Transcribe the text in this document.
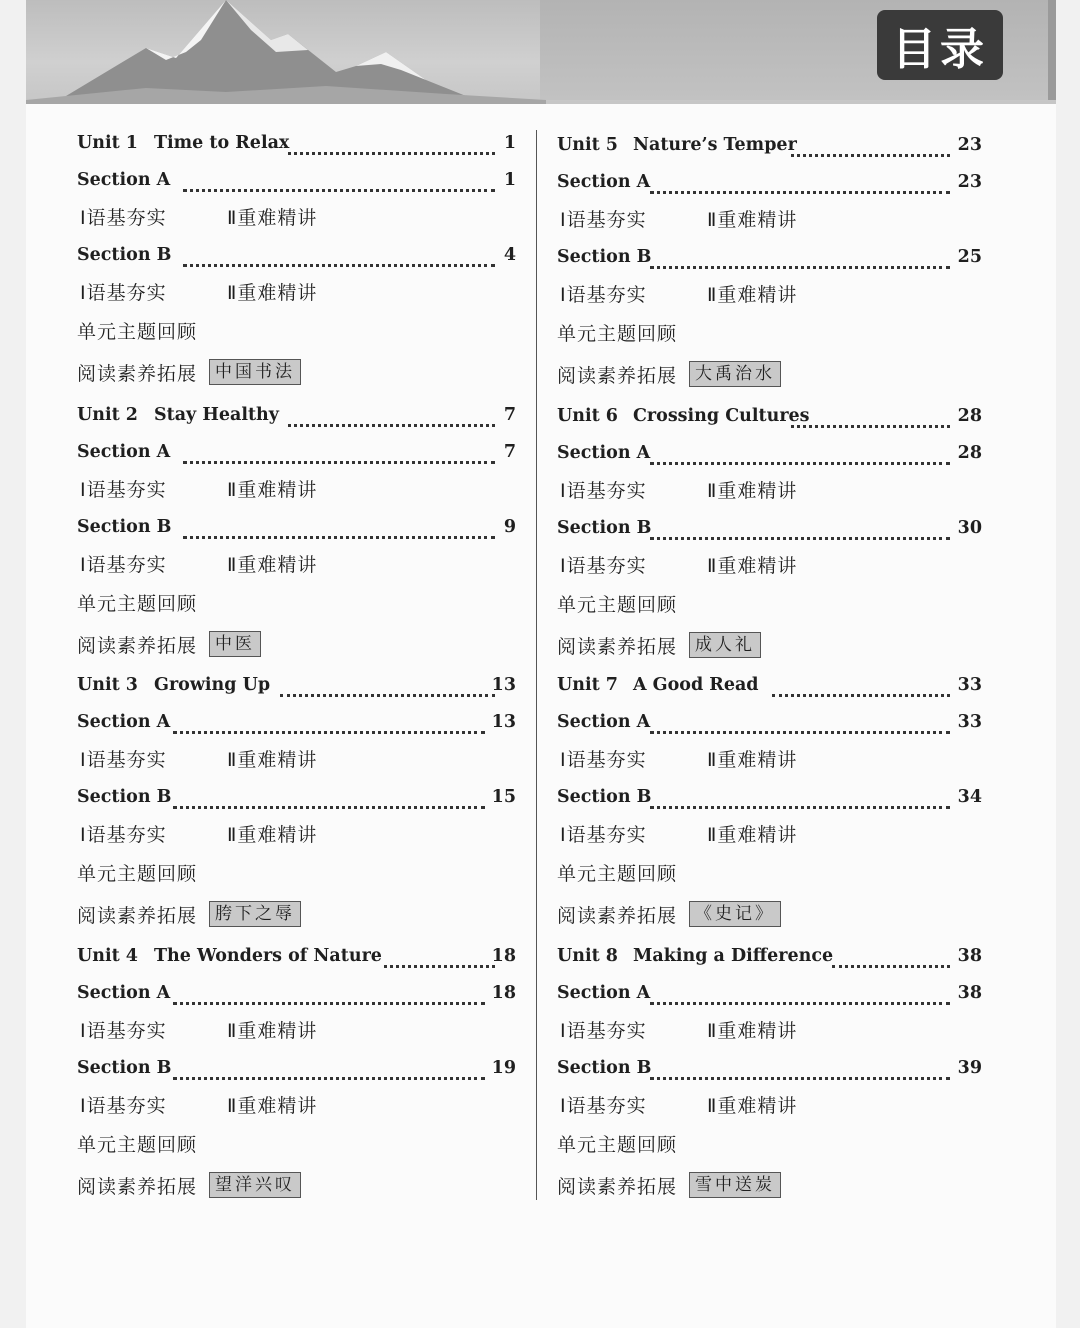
目录
Unit 1 Time to Relax	1
Section A	1
Section B	4
Ⅰ语基夯实	Ⅱ重难精讲
Ⅰ语基夯实	Ⅱ重难精讲
单元主题回顾
阅读素养拓展	中国书法
Unit 2 Stay Healthy	7
Section A	7
Section B	9
Ⅰ语基夯实	Ⅱ重难精讲
Ⅰ语基夯实	Ⅱ重难精讲
单元主题回顾
阅读素养拓展	中医
Unit 3 Growing Up	13
Section A	13
Section B	15
Ⅰ语基夯实	Ⅱ重难精讲
Ⅰ语基夯实	Ⅱ重难精讲
单元主题回顾
阅读素养拓展	胯下之辱
Unit 4 The Wonders of Nature	18
Section A	18
Section B	19
Ⅰ语基夯实	Ⅱ重难精讲
Ⅰ语基夯实	Ⅱ重难精讲
单元主题回顾
阅读素养拓展	望洋兴叹
Unit 5 Nature’s Temper	23
Section A	23
Section B	25
Ⅰ语基夯实	Ⅱ重难精讲
Ⅰ语基夯实	Ⅱ重难精讲
单元主题回顾
阅读素养拓展	大禹治水
Unit 6 Crossing Cultures	28
Section A	28
Section B	30
Ⅰ语基夯实	Ⅱ重难精讲
Ⅰ语基夯实	Ⅱ重难精讲
单元主题回顾
阅读素养拓展	成人礼
Unit 7 A Good Read	33
Section A	33
Section B	34
Ⅰ语基夯实	Ⅱ重难精讲
Ⅰ语基夯实	Ⅱ重难精讲
单元主题回顾
阅读素养拓展	《史记》
Unit 8 Making a Difference	38
Section A	38
Section B	39
Ⅰ语基夯实	Ⅱ重难精讲
Ⅰ语基夯实	Ⅱ重难精讲
单元主题回顾
阅读素养拓展	雪中送炭
